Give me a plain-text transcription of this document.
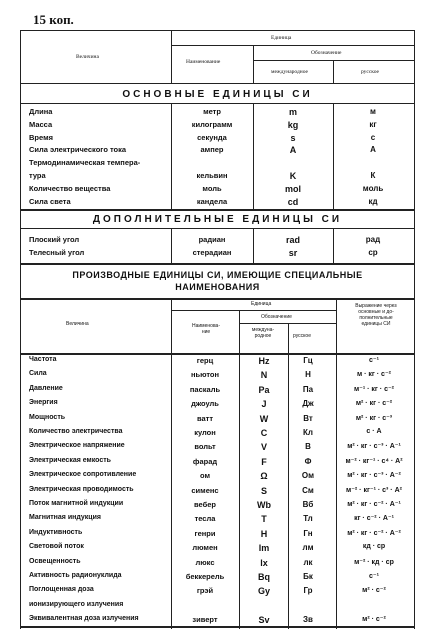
15 коп.
Величина
Единица
Наименование
Обозначение
международное	русское
ОСНОВНЫЕ ЕДИНИЦЫ СИ
Длина	метр	m	м
Масса	килограмм	kg	кг
Время	секунда	s	с
Сила электрического тока	ампер	A	А
Термодинамическая темпера-
тура	кельвин	K	К
Количество вещества	моль	mol	моль
Сила света	кандела	cd	кд
ДОПОЛНИТЕЛЬНЫЕ ЕДИНИЦЫ СИ
Плоский угол	радиан	rad	рад
Телесный угол	стерадиан	sr	ср
ПРОИЗВОДНЫЕ ЕДИНИЦЫ СИ, ИМЕЮЩИЕ СПЕЦИАЛЬНЫЕ
НАИМЕНОВАНИЯ
Величина
Единица
Наименова-
ние
Обозначение
междуна-
родное	русское
Выражение через
основные и до-
полнительные
единицы СИ
Частота	герц	Hz	Гц	с⁻¹
Сила	ньютон	N	Н	м · кг · с⁻²
Давление	паскаль	Pa	Па	м⁻¹ · кг · с⁻²
Энергия	джоуль	J	Дж	м² · кг · с⁻²
Мощность	ватт	W	Вт	м² · кг · с⁻³
Количество электричества	кулон	C	Кл	с · А
Электрическое напряжение	вольт	V	В	м² · кг · с⁻³ · А⁻¹
Электрическая емкость	фарад	F	Ф	м⁻² · кг⁻¹ · с⁴ · А²
Электрическое сопротивление	ом	Ω	Ом	м² · кг · с⁻³ · А⁻²
Электрическая проводимость	сименс	S	См	м⁻² · кг⁻¹ · с³ · А²
Поток магнитной индукции	вебер	Wb	Вб	м² · кг · с⁻² · А⁻¹
Магнитная индукция	тесла	T	Тл	кг · с⁻² · А⁻¹
Индуктивность	генри	H	Гн	м² · кг · с⁻² · А⁻²
Световой поток	люмен	lm	лм	кд · ср
Освещенность	люкс	lx	лк	м⁻² · кд · ср
Активность радионуклида	беккерель	Bq	Бк	с⁻¹
Поглощенная доза	грэй	Gy	Гр	м² · с⁻²
ионизирующего излучения
Эквивалентная доза излучения	зиверт	Sv	Зв	м² · с⁻²
